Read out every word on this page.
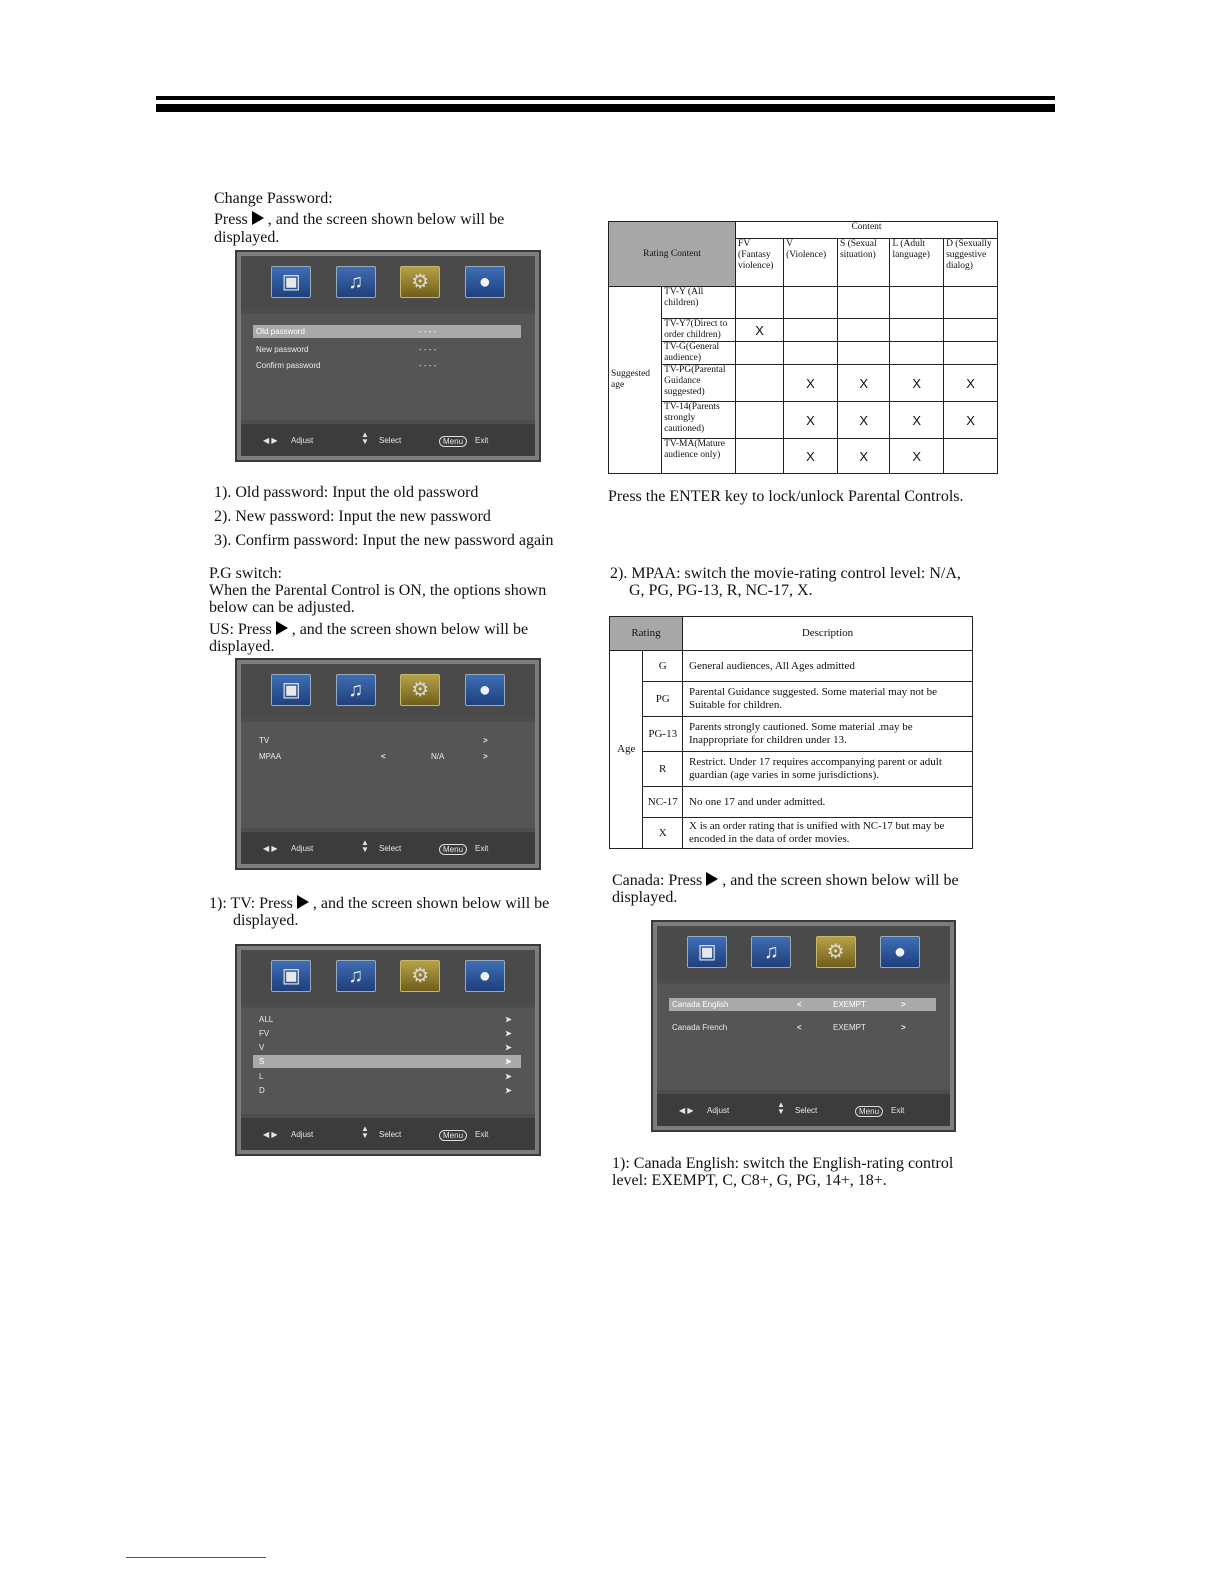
Change Password:
Press , and the screen shown below will be
displayed.
▣	♫	⚙	●
Old password	- - - -
New password	- - - -
Confirm password	- - - -
◀ ▶ Adjust
▲
▼ Select	Menu	Exit
1). Old password: Input the old password
2). New password: Input the new password
3). Confirm password: Input the new password again
P.G switch:
When the Parental Control is ON, the options shown
below can be adjusted.
US: Press , and the screen shown below will be
displayed.
▣	♫	⚙	●
TV	>
MPAA	<	N/A	>
◀ ▶ Adjust
▲
▼ Select	Menu	Exit
1): TV: Press , and the screen shown below will be
displayed.
▣	♫	⚙	●
ALL	➤
FV	➤
V	➤
S	➤
L	➤
D	➤
◀ ▶ Adjust
▲
▼ Select	Menu	Exit
Rating Content		Content				
		FV (Fantasy violence)	V (Violence)	S (Sexual situation)	L (Adult language)	D (Sexually suggestive dialog)
Suggested age	TV-Y (All children)					
	TV-Y7(Direct to order children)	X				
	TV-G(General audience)					
	TV-PG(Parental Guidance suggested)		X	X	X	X
	TV-14(Parents strongly cautioned)		X	X	X	X
	TV-MA(Mature audience only)		X	X	X	
Press the ENTER key to lock/unlock Parental Controls.
2). MPAA: switch the movie-rating control level: N/A,
G, PG, PG-13, R, NC-17, X.
Rating		Description
Age	G	General audiences, All Ages admitted
	PG	Parental Guidance suggested. Some material may not be Suitable for children.
	PG-13	Parents strongly cautioned. Some material .may be Inappropriate for children under 13.
	R	Restrict. Under 17 requires accompanying parent or adult guardian (age varies in some jurisdictions).
	NC-17	No one 17 and under admitted.
	X	X is an order rating that is unified with NC-17 but may be encoded in the data of order movies.
Canada: Press , and the screen shown below will be
displayed.
▣	♫	⚙	●
Canada English	<	EXEMPT	>
Canada French	<	EXEMPT	>
◀ ▶ Adjust
▲
▼ Select	Menu	Exit
1): Canada English: switch the English-rating control
level: EXEMPT, C, C8+, G, PG, 14+, 18+.
